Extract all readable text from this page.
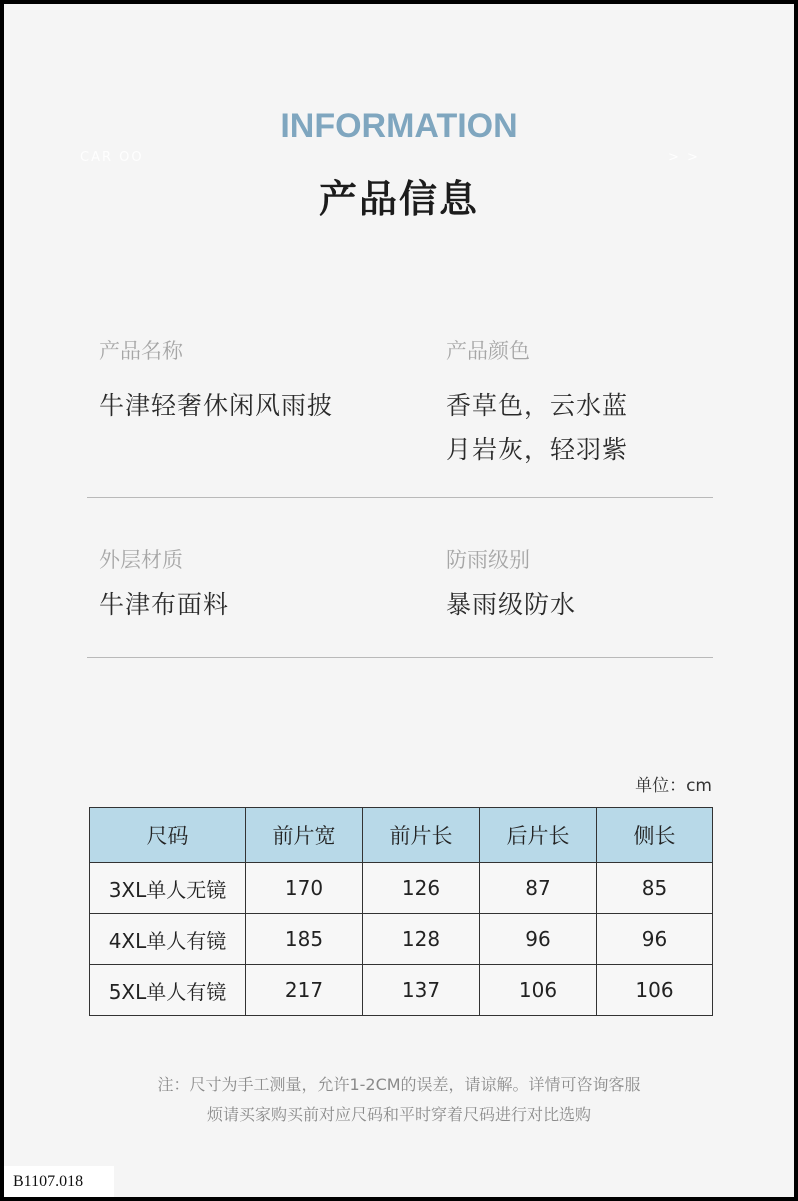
CAR OO	> >
INFORMATION
产品信息
产品名称
牛津轻奢休闲风雨披
产品颜色
香草色，云水蓝
月岩灰，轻羽紫
外层材质
牛津布面料
防雨级别
暴雨级防水
单位：cm
尺码	前片宽	前片长	后片长	侧长
3XL单人无镜	170	126	87	85
4XL单人有镜	185	128	96	96
5XL单人有镜	217	137	106	106
注：尺寸为手工测量，允许1-2CM的误差，请谅解。详情可咨询客服
烦请买家购买前对应尺码和平时穿着尺码进行对比选购
B1107.018
